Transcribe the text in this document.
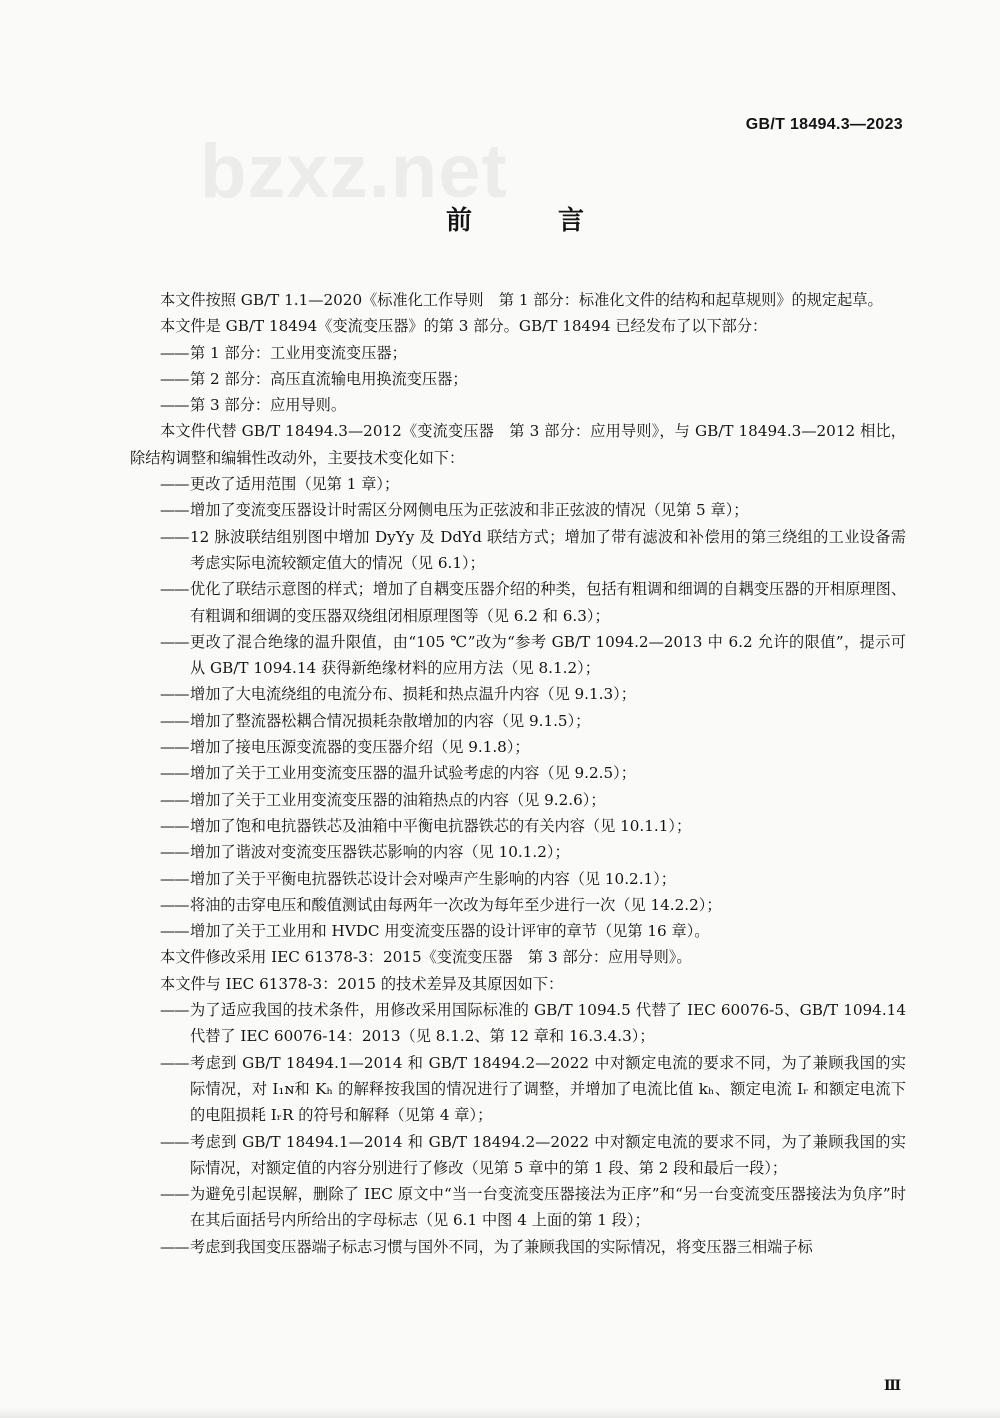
bzxz.net
GB/T 18494.3—2023
前　言

本文件按照 GB/T 1.1—2020《标准化工作导则　第 1 部分：标准化文件的结构和起草规则》的规定起草。

本文件是 GB/T 18494《变流变压器》的第 3 部分。GB/T 18494 已经发布了以下部分：

—— 第 1 部分：工业用变流变压器；

—— 第 2 部分：高压直流输电用换流变压器；

—— 第 3 部分：应用导则。

本文件代替 GB/T 18494.3—2012《变流变压器　第 3 部分：应用导则》，与 GB/T 18494.3—2012 相比，除结构调整和编辑性改动外，主要技术变化如下：

—— 更改了适用范围（见第 1 章）；

—— 增加了变流变压器设计时需区分网侧电压为正弦波和非正弦波的情况（见第 5 章）；

—— 12 脉波联结组别图中增加 DyYy 及 DdYd 联结方式；增加了带有滤波和补偿用的第三绕组的工业设备需考虑实际电流较额定值大的情况（见 6.1）；

—— 优化了联结示意图的样式；增加了自耦变压器介绍的种类，包括有粗调和细调的自耦变压器的开相原理图、有粗调和细调的变压器双绕组闭相原理图等（见 6.2 和 6.3）；

—— 更改了混合绝缘的温升限值，由“105 ℃”改为“参考 GB/T 1094.2—2013 中 6.2 允许的限值”，提示可从 GB/T 1094.14 获得新绝缘材料的应用方法（见 8.1.2）；

—— 增加了大电流绕组的电流分布、损耗和热点温升内容（见 9.1.3）；

—— 增加了整流器松耦合情况损耗杂散增加的内容（见 9.1.5）；

—— 增加了接电压源变流器的变压器介绍（见 9.1.8）；

—— 增加了关于工业用变流变压器的温升试验考虑的内容（见 9.2.5）；

—— 增加了关于工业用变流变压器的油箱热点的内容（见 9.2.6）；

—— 增加了饱和电抗器铁芯及油箱中平衡电抗器铁芯的有关内容（见 10.1.1）；

—— 增加了谐波对变流变压器铁芯影响的内容（见 10.1.2）；

—— 增加了关于平衡电抗器铁芯设计会对噪声产生影响的内容（见 10.2.1）；

—— 将油的击穿电压和酸值测试由每两年一次改为每年至少进行一次（见 14.2.2）；

—— 增加了关于工业用和 HVDC 用变流变压器的设计评审的章节（见第 16 章）。

本文件修改采用 IEC 61378-3：2015《变流变压器　第 3 部分：应用导则》。

本文件与 IEC 61378-3：2015 的技术差异及其原因如下：

—— 为了适应我国的技术条件，用修改采用国际标准的 GB/T 1094.5 代替了 IEC 60076-5、GB/T 1094.14代替了 IEC 60076-14：2013（见 8.1.2、第 12 章和 16.3.4.3）；

—— 考虑到 GB/T 18494.1—2014 和 GB/T 18494.2—2022 中对额定电流的要求不同，为了兼顾我国的实际情况，对 I₁ɴ和 Kₕ 的解释按我国的情况进行了调整，并增加了电流比值 kₕ、额定电流 Iᵣ 和额定电流下的电阻损耗 IᵣR 的符号和解释（见第 4 章）；

—— 考虑到 GB/T 18494.1—2014 和 GB/T 18494.2—2022 中对额定电流的要求不同，为了兼顾我国的实际情况，对额定值的内容分别进行了修改（见第 5 章中的第 1 段、第 2 段和最后一段）；

—— 为避免引起误解，删除了 IEC 原文中“当一台变流变压器接法为正序”和“另一台变流变压器接法为负序”时在其后面括号内所给出的字母标志（见 6.1 中图 4 上面的第 1 段）；

—— 考虑到我国变压器端子标志习惯与国外不同，为了兼顾我国的实际情况，将变压器三相端子标

Ⅲ
